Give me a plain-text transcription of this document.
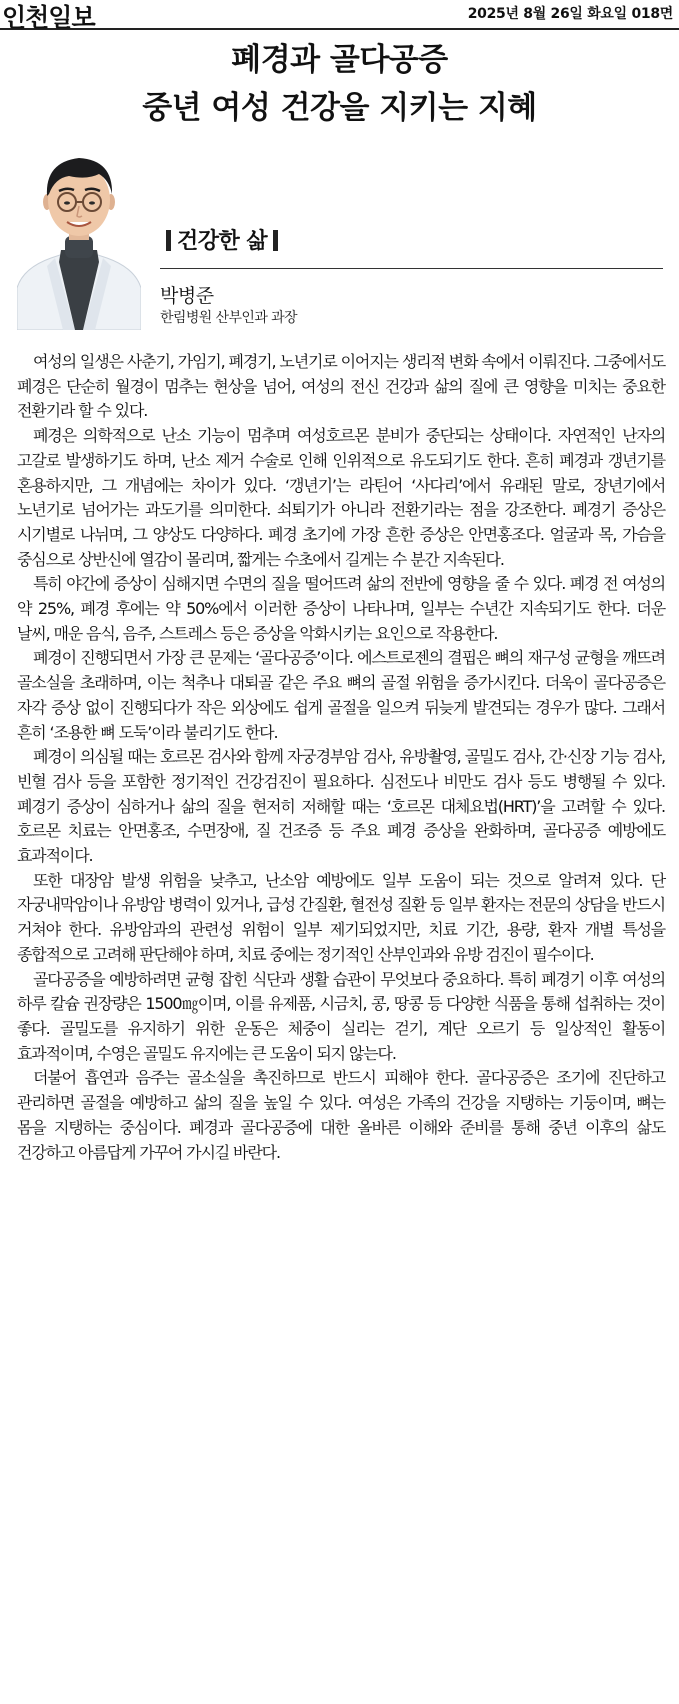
인천일보	2025년 8월 26일 화요일 018면
폐경과 골다공증
중년 여성 건강을 지키는 지혜
건강한 삶
박병준
한림병원 산부인과 과장

여성의 일생은 사춘기, 가임기, 폐경기, 노년기로 이어지는 생리적 변화 속에서 이뤄진다. 그중에서도 폐경은 단순히 월경이 멈추는 현상을 넘어, 여성의 전신 건강과 삶의 질에 큰 영향을 미치는 중요한 전환기라 할 수 있다.

폐경은 의학적으로 난소 기능이 멈추며 여성호르몬 분비가 중단되는 상태이다. 자연적인 난자의 고갈로 발생하기도 하며, 난소 제거 수술로 인해 인위적으로 유도되기도 한다. 흔히 폐경과 갱년기를 혼용하지만, 그 개념에는 차이가 있다. ‘갱년기’는 라틴어 ‘사다리’에서 유래된 말로, 장년기에서 노년기로 넘어가는 과도기를 의미한다. 쇠퇴기가 아니라 전환기라는 점을 강조한다. 폐경기 증상은 시기별로 나뉘며, 그 양상도 다양하다. 폐경 초기에 가장 흔한 증상은 안면홍조다. 얼굴과 목, 가슴을 중심으로 상반신에 열감이 몰리며, 짧게는 수초에서 길게는 수 분간 지속된다.

특히 야간에 증상이 심해지면 수면의 질을 떨어뜨려 삶의 전반에 영향을 줄 수 있다. 폐경 전 여성의 약 25%, 폐경 후에는 약 50%에서 이러한 증상이 나타나며, 일부는 수년간 지속되기도 한다. 더운 날씨, 매운 음식, 음주, 스트레스 등은 증상을 악화시키는 요인으로 작용한다.

폐경이 진행되면서 가장 큰 문제는 ‘골다공증’이다. 에스트로젠의 결핍은 뼈의 재구성 균형을 깨뜨려 골소실을 초래하며, 이는 척추나 대퇴골 같은 주요 뼈의 골절 위험을 증가시킨다. 더욱이 골다공증은 자각 증상 없이 진행되다가 작은 외상에도 쉽게 골절을 일으켜 뒤늦게 발견되는 경우가 많다. 그래서 흔히 ‘조용한 뼈 도둑’이라 불리기도 한다.

폐경이 의심될 때는 호르몬 검사와 함께 자궁경부암 검사, 유방촬영, 골밀도 검사, 간·신장 기능 검사, 빈혈 검사 등을 포함한 정기적인 건강검진이 필요하다. 심전도나 비만도 검사 등도 병행될 수 있다. 폐경기 증상이 심하거나 삶의 질을 현저히 저해할 때는 ‘호르몬 대체요법(HRT)’을 고려할 수 있다. 호르몬 치료는 안면홍조, 수면장애, 질 건조증 등 주요 폐경 증상을 완화하며, 골다공증 예방에도 효과적이다.

또한 대장암 발생 위험을 낮추고, 난소암 예방에도 일부 도움이 되는 것으로 알려져 있다. 단 자궁내막암이나 유방암 병력이 있거나, 급성 간질환, 혈전성 질환 등 일부 환자는 전문의 상담을 반드시 거쳐야 한다. 유방암과의 관련성 위험이 일부 제기되었지만, 치료 기간, 용량, 환자 개별 특성을 종합적으로 고려해 판단해야 하며, 치료 중에는 정기적인 산부인과와 유방 검진이 필수이다.

골다공증을 예방하려면 균형 잡힌 식단과 생활 습관이 무엇보다 중요하다. 특히 폐경기 이후 여성의 하루 칼슘 권장량은 1500㎎이며, 이를 유제품, 시금치, 콩, 땅콩 등 다양한 식품을 통해 섭취하는 것이 좋다. 골밀도를 유지하기 위한 운동은 체중이 실리는 걷기, 계단 오르기 등 일상적인 활동이 효과적이며, 수영은 골밀도 유지에는 큰 도움이 되지 않는다.

더불어 흡연과 음주는 골소실을 촉진하므로 반드시 피해야 한다. 골다공증은 조기에 진단하고 관리하면 골절을 예방하고 삶의 질을 높일 수 있다. 여성은 가족의 건강을 지탱하는 기둥이며, 뼈는 몸을 지탱하는 중심이다. 폐경과 골다공증에 대한 올바른 이해와 준비를 통해 중년 이후의 삶도 건강하고 아름답게 가꾸어 가시길 바란다.
